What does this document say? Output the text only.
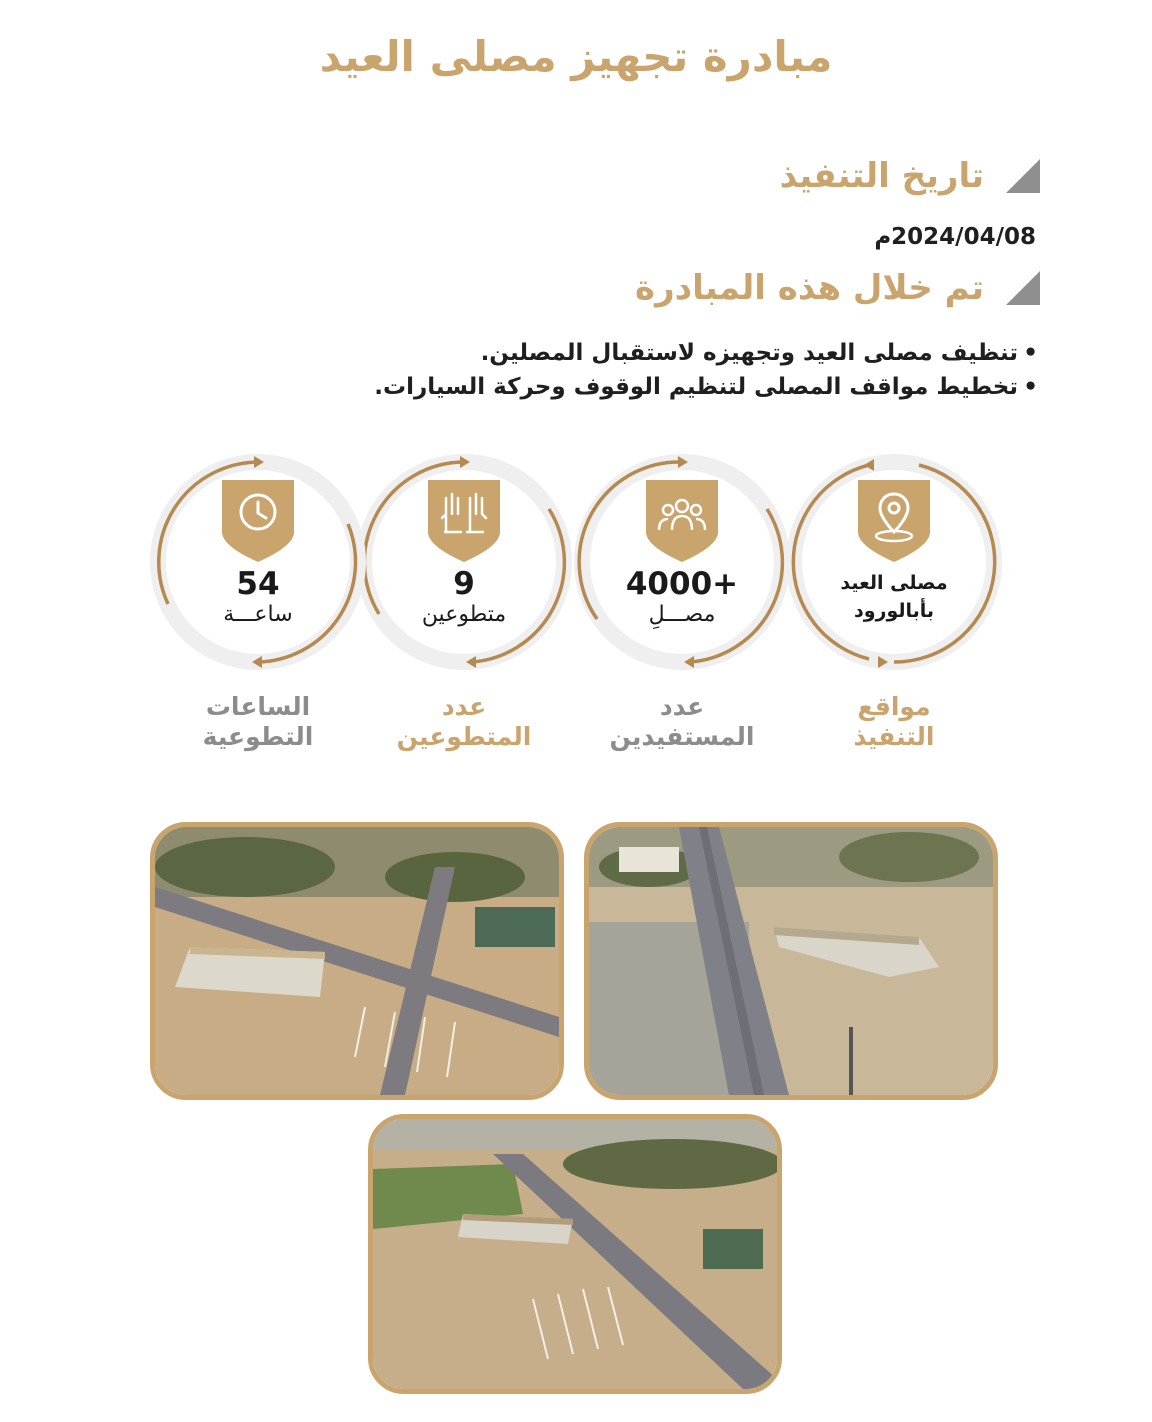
مبادرة تجهيز مصلى العيد
تاريخ التنفيذ
2024/04/08م
تم خلال هذه المبادرة
•
تنظيف مصلى العيد وتجهيزه لاستقبال المصلين.
•
تخطيط مواقف المصلى لتنظيم الوقوف وحركة السيارات.
مصلى العيد
بأبالورود
مواقع
التنفيذ
4000+
مصـــلِ
عدد
المستفيدين
9
متطوعين
عدد
المتطوعين
54
ساعـــة
الساعات
التطوعية
